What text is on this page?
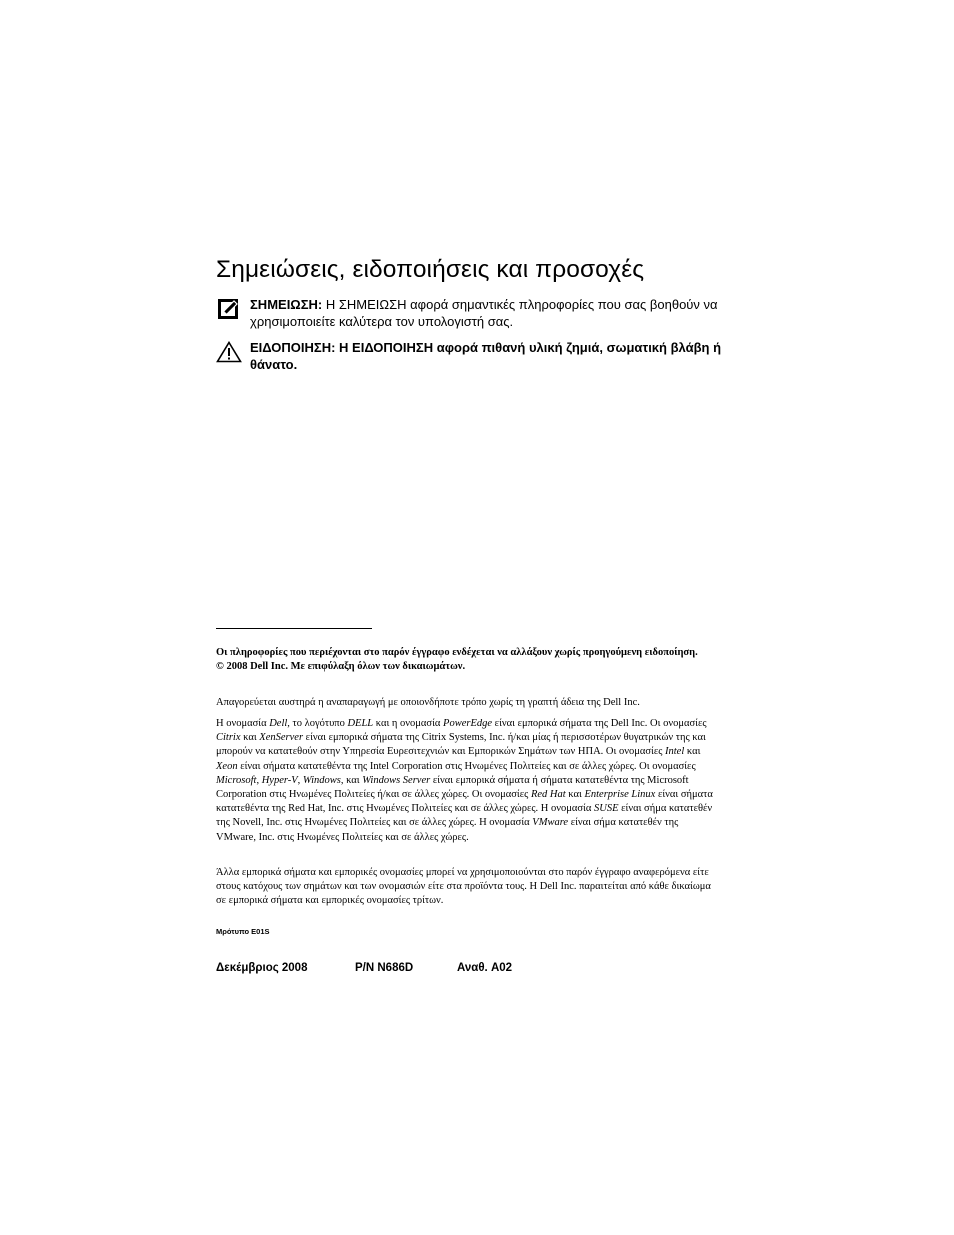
Σημειώσεις, ειδοποιήσεις και προσοχές
ΣΗΜΕΙΩΣΗ: Η ΣΗΜΕΙΩΣΗ αφορά σημαντικές πληροφορίες που σας βοηθούν να χρησιμοποιείτε καλύτερα τον υπολογιστή σας.
ΕΙΔΟΠΟΙΗΣΗ: Η ΕΙΔΟΠΟΙΗΣΗ αφορά πιθανή υλική ζημιά, σωματική βλάβη ή θάνατο.
Οι πληροφορίες που περιέχονται στο παρόν έγγραφο ενδέχεται να αλλάξουν χωρίς προηγούμενη ειδοποίηση.
© 2008 Dell Inc. Με επιφύλαξη όλων των δικαιωμάτων.
Απαγορεύεται αυστηρά η αναπαραγωγή με οποιονδήποτε τρόπο χωρίς τη γραπτή άδεια της Dell Inc.
Η ονομασία Dell, το λογότυπο DELL και η ονομασία PowerEdge είναι εμπορικά σήματα της Dell Inc. Οι ονομασίες Citrix και XenServer είναι εμπορικά σήματα της Citrix Systems, Inc. ή/και μίας ή περισσοτέρων θυγατρικών της και μπορούν να κατατεθούν στην Υπηρεσία Ευρεσιτεχνιών και Εμπορικών Σημάτων των ΗΠΑ. Οι ονομασίες Intel και Xeon είναι σήματα κατατεθέντα της Intel Corporation στις Ηνωμένες Πολιτείες και σε άλλες χώρες. Οι ονομασίες Microsoft, Hyper-V, Windows, και Windows Server είναι εμπορικά σήματα ή σήματα κατατεθέντα της Microsoft Corporation στις Ηνωμένες Πολιτείες ή/και σε άλλες χώρες. Οι ονομασίες Red Hat και Enterprise Linux είναι σήματα κατατεθέντα της Red Hat, Inc. στις Ηνωμένες Πολιτείες και σε άλλες χώρες. Η ονομασία SUSE είναι σήμα κατατεθέν της Novell, Inc. στις Ηνωμένες Πολιτείες και σε άλλες χώρες. Η ονομασία VMware είναι σήμα κατατεθέν της VMware, Inc. στις Ηνωμένες Πολιτείες και σε άλλες χώρες.
Άλλα εμπορικά σήματα και εμπορικές ονομασίες μπορεί να χρησιμοποιούνται στο παρόν έγγραφο αναφερόμενα είτε στους κατόχους των σημάτων και των ονομασιών είτε στα προϊόντα τους. Η Dell Inc. παραιτείται από κάθε δικαίωμα σε εμπορικά σήματα και εμπορικές ονομασίες τρίτων.
Μρότυπο E01S
Δεκέμβριος 2008	P/N N686D	Αναθ. A02
